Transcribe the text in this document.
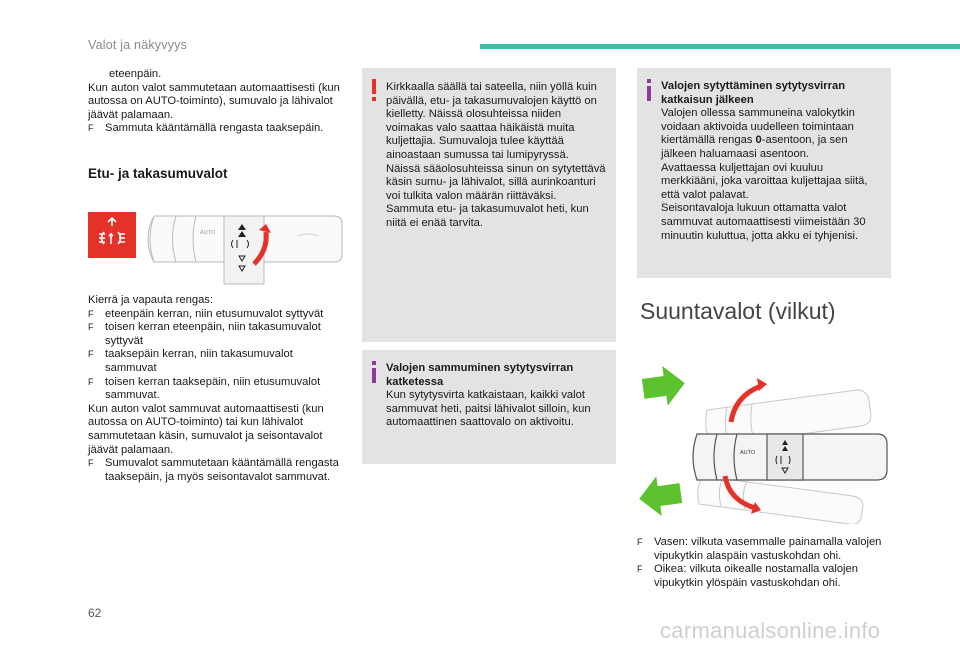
Valot ja näkyvyys

eteenpäin.

Kun auton valot sammutetaan automaattisesti (kun autossa on AUTO-toiminto), sumuvalo ja lähivalot jäävät palamaan.

F Sammuta kääntämällä rengasta taaksepäin.

Etu- ja takasumuvalot
AUTO

Kierrä ja vapauta rengas:

F eteenpäin kerran, niin etusumuvalot syttyvät

F toisen kerran eteenpäin, niin takasumuvalot syttyvät

F taaksepäin kerran, niin takasumuvalot sammuvat

F toisen kerran taaksepäin, niin etusumuvalot sammuvat.

Kun auton valot sammuvat automaattisesti (kun autossa on AUTO-toiminto) tai kun lähivalot sammutetaan käsin, sumuvalot ja seisontavalot jäävät palamaan.

F Sumuvalot sammutetaan kääntämällä rengasta taaksepäin, ja myös seisontavalot sammuvat.

Kirkkaalla säällä tai sateella, niin yöllä kuin päivällä, etu- ja takasumuvalojen käyttö on kielletty. Näissä olosuhteissa niiden voimakas valo saattaa häikäistä muita kuljettajia. Sumuvaloja tulee käyttää ainoastaan sumussa tai lumipyryssä.

Näissä sääolosuhteissa sinun on sytytettävä käsin sumu- ja lähivalot, sillä aurinkoanturi voi tulkita valon määrän riittäväksi.

Sammuta etu- ja takasumuvalot heti, kun niitä ei enää tarvita.

Valojen sammuminen sytytysvirran katketessa

Kun sytytysvirta katkaistaan, kaikki valot sammuvat heti, paitsi lähivalot silloin, kun automaattinen saattovalo on aktivoitu.

Valojen sytyttäminen sytytysvirran katkaisun jälkeen

Valojen ollessa sammuneina valokytkin voidaan aktivoida uudelleen toimintaan kiertämällä rengas 0-asentoon, ja sen jälkeen haluamaasi asentoon.

Avattaessa kuljettajan ovi kuuluu merkkiääni, joka varoittaa kuljettajaa siitä, että valot palavat.

Seisontavaloja lukuun ottamatta valot sammuvat automaattisesti viimeistään 30 minuutin kuluttua, jotta akku ei tyhjenisi.

Suuntavalot (vilkut)
AUTO

F Vasen: vilkuta vasemmalle painamalla valojen vipukytkin alaspäin vastuskohdan ohi.

F Oikea: vilkuta oikealle nostamalla valojen vipukytkin ylöspäin vastuskohdan ohi.

62
carmanualsonline.info
